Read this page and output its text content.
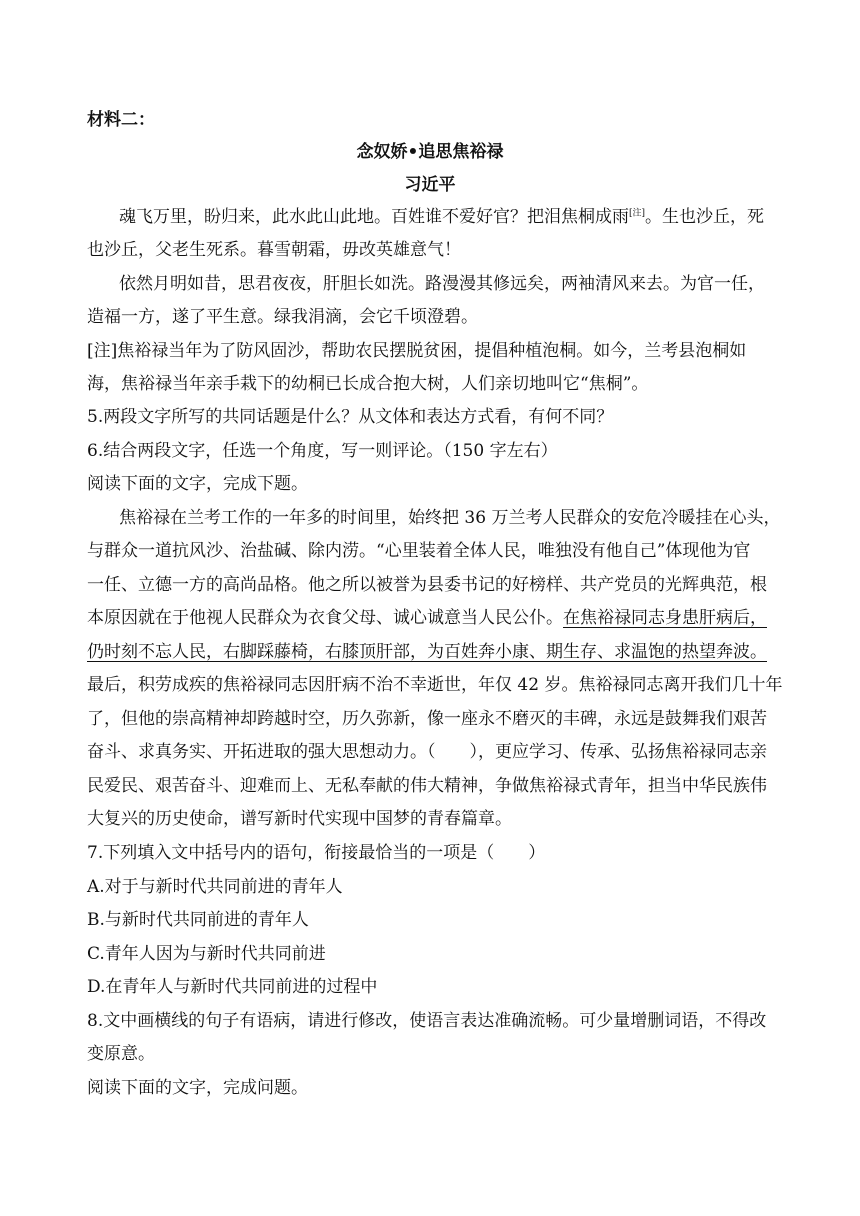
材料二：
念奴娇•追思焦裕禄
习近平
魂飞万里，盼归来，此水此山此地。百姓谁不爱好官？把泪焦桐成雨[注]。生也沙丘，死
也沙丘，父老生死系。暮雪朝霜，毋改英雄意气！
依然月明如昔，思君夜夜，肝胆长如洗。路漫漫其修远矣，两袖清风来去。为官一任，
造福一方，遂了平生意。绿我涓滴，会它千顷澄碧。
[注]焦裕禄当年为了防风固沙，帮助农民摆脱贫困，提倡种植泡桐。如今，兰考县泡桐如
海，焦裕禄当年亲手栽下的幼桐已长成合抱大树，人们亲切地叫它“焦桐”。
5.两段文字所写的共同话题是什么？从文体和表达方式看，有何不同？
6.结合两段文字，任选一个角度，写一则评论。（150 字左右）
阅读下面的文字，完成下题。
焦裕禄在兰考工作的一年多的时间里，始终把 36 万兰考人民群众的安危冷暖挂在心头，
与群众一道抗风沙、治盐碱、除内涝。“心里装着全体人民，唯独没有他自己”体现他为官
一任、立德一方的高尚品格。他之所以被誉为县委书记的好榜样、共产党员的光辉典范，根
本原因就在于他视人民群众为衣食父母、诚心诚意当人民公仆。在焦裕禄同志身患肝病后，
仍时刻不忘人民，右脚踩藤椅，右膝顶肝部，为百姓奔小康、期生存、求温饱的热望奔波。
最后，积劳成疾的焦裕禄同志因肝病不治不幸逝世，年仅 42 岁。焦裕禄同志离开我们几十年
了，但他的崇高精神却跨越时空，历久弥新，像一座永不磨灭的丰碑，永远是鼓舞我们艰苦
奋斗、求真务实、开拓进取的强大思想动力。（　　），更应学习、传承、弘扬焦裕禄同志亲
民爱民、艰苦奋斗、迎难而上、无私奉献的伟大精神，争做焦裕禄式青年，担当中华民族伟
大复兴的历史使命，谱写新时代实现中国梦的青春篇章。
7.下列填入文中括号内的语句，衔接最恰当的一项是（　　）
A.对于与新时代共同前进的青年人
B.与新时代共同前进的青年人
C.青年人因为与新时代共同前进
D.在青年人与新时代共同前进的过程中
8.文中画横线的句子有语病，请进行修改，使语言表达准确流畅。可少量增删词语，不得改
变原意。
阅读下面的文字，完成问题。
